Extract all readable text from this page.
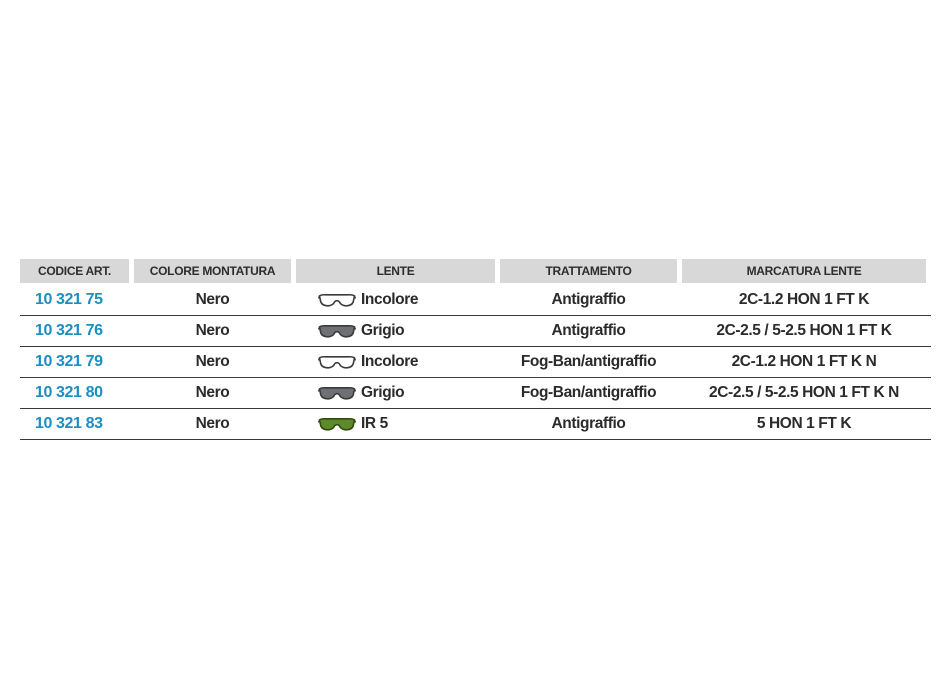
CODICE ART.	COLORE MONTATURA	LENTE	TRATTAMENTO	MARCATURA LENTE
10 321 75	Nero	Incolore	Antigraffio	2C-1.2 HON 1 FT K
10 321 76	Nero	Grigio	Antigraffio	2C-2.5 / 5-2.5 HON 1 FT K
10 321 79	Nero	Incolore	Fog-Ban/antigraffio	2C-1.2 HON 1 FT K N
10 321 80	Nero	Grigio	Fog-Ban/antigraffio	2C-2.5 / 5-2.5 HON 1 FT K N
10 321 83	Nero	IR 5	Antigraffio	5 HON 1 FT K
